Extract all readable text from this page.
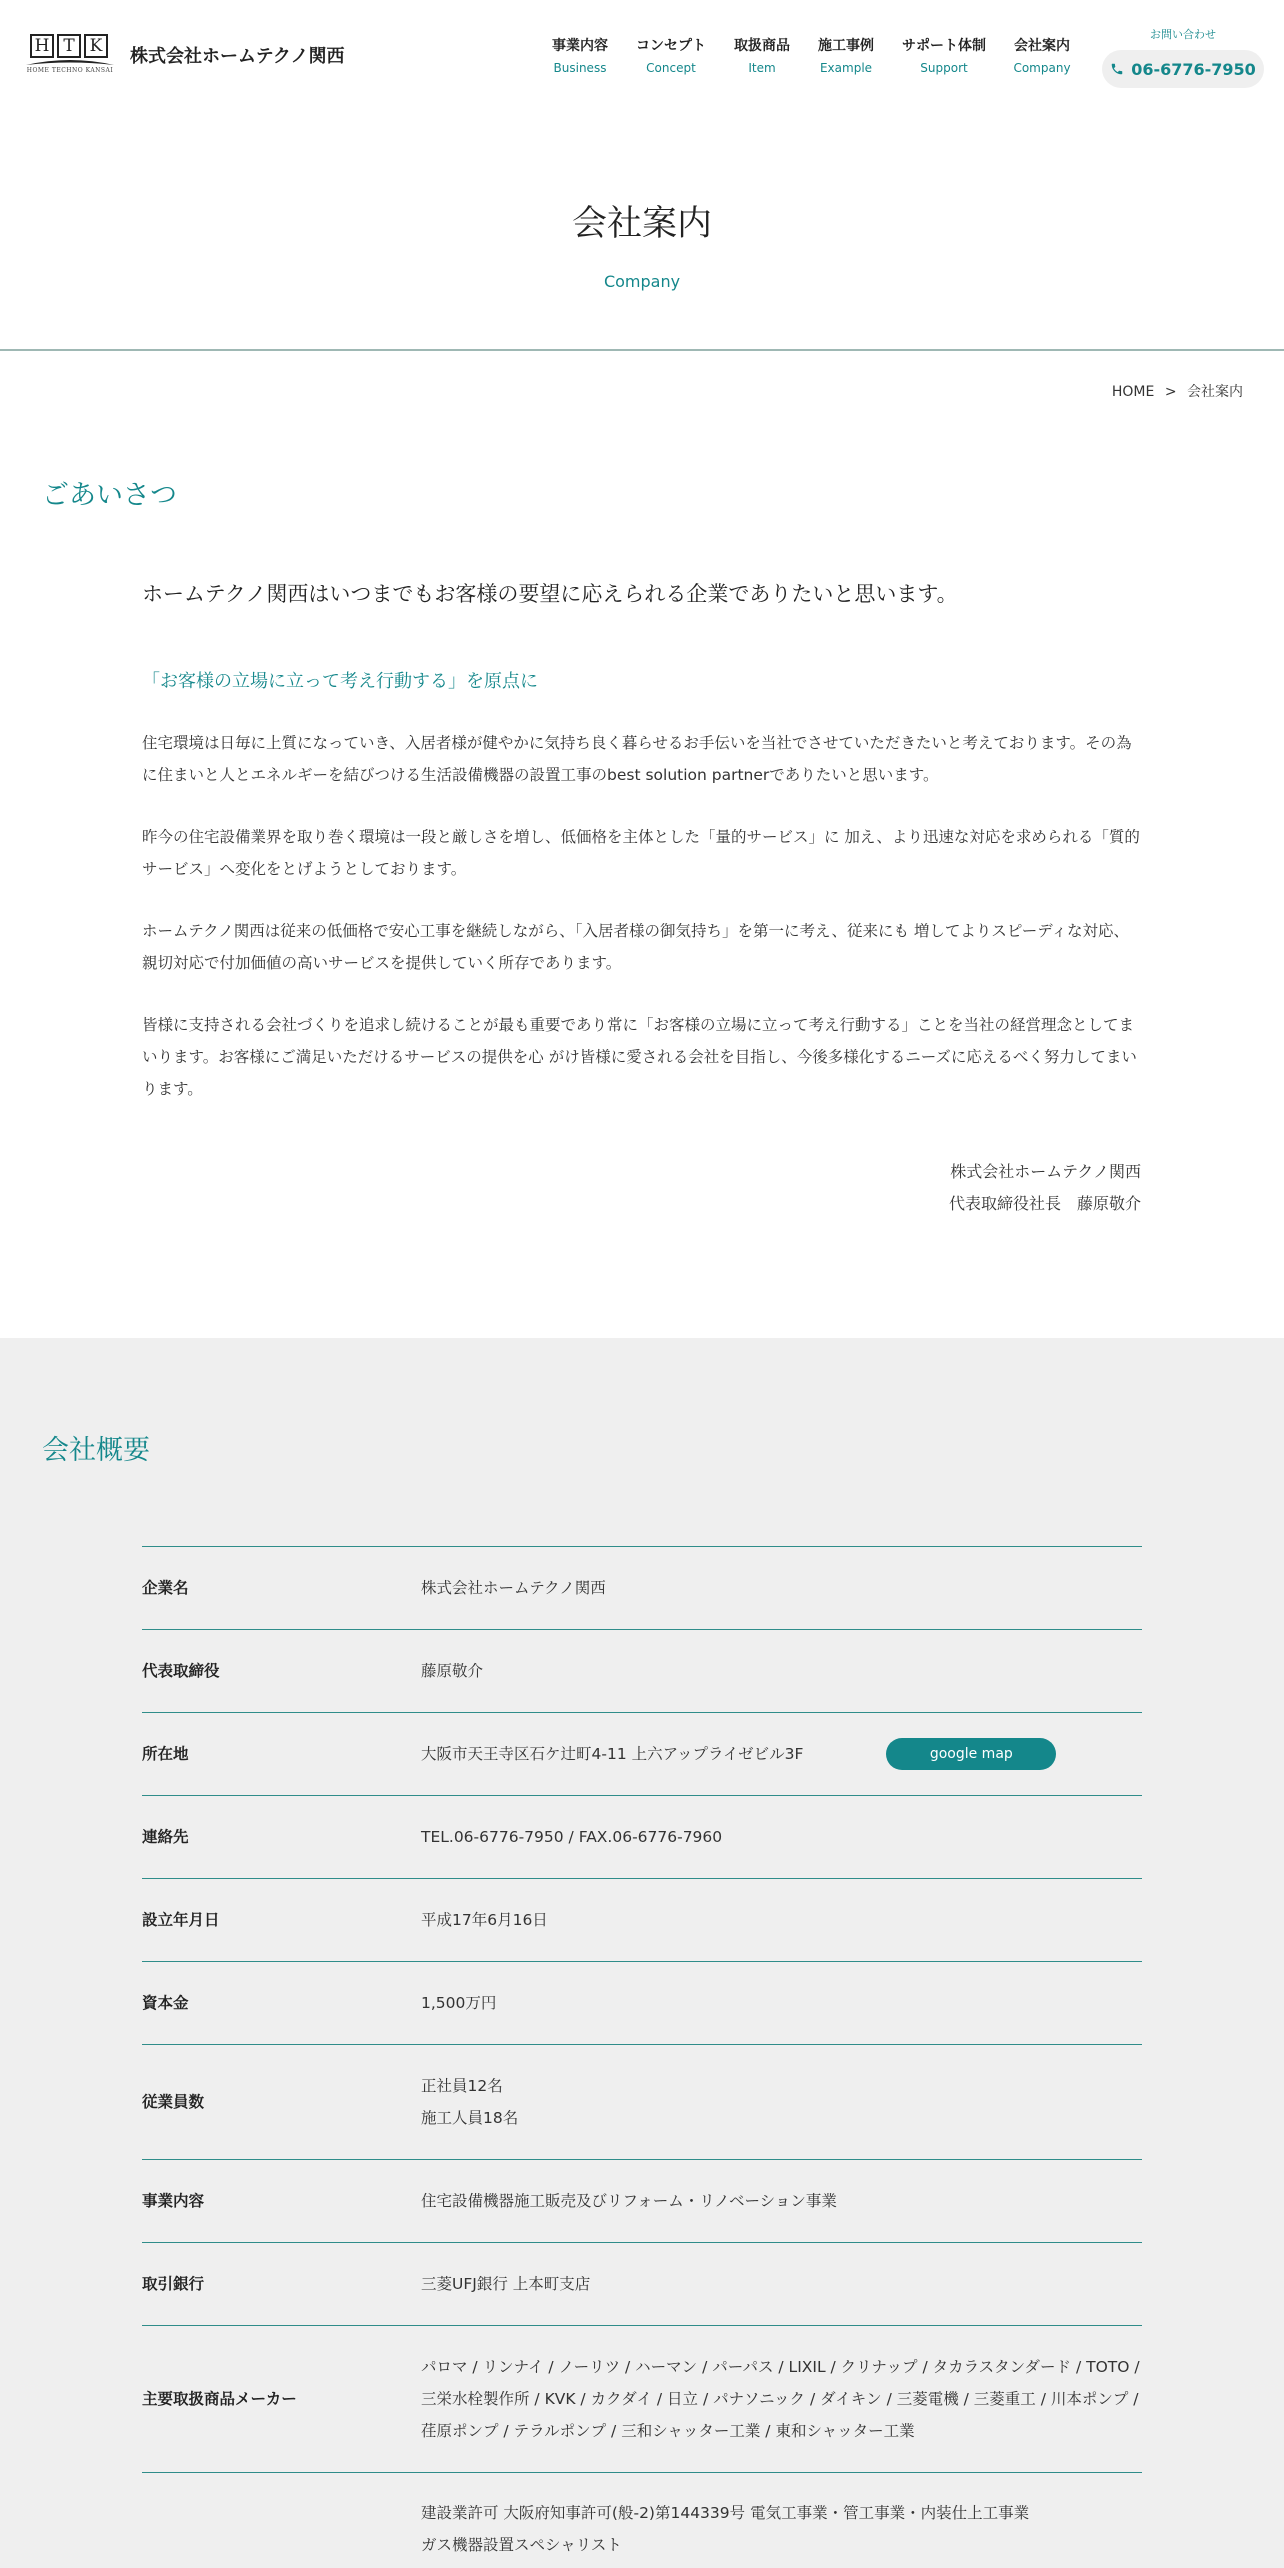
H T K
HOME TECHNO KANSAI
株式会社ホームテクノ関西	事業内容
Business
コンセプト
Concept
取扱商品
Item
施工事例
Example
サポート体制
Support
会社案内
Company
お問い合わせ
06-6776-7950
会社案内
Company
HOME > 会社案内
ごあいさつ

ホームテクノ関西はいつまでもお客様の要望に応えられる企業でありたいと思います。

「お客様の立場に立って考え行動する」を原点に

住宅環境は日毎に上質になっていき、入居者様が健やかに気持ち良く暮らせるお手伝いを当社でさせていただきたいと考えております。その為に住まいと人とエネルギーを結びつける生活設備機器の設置工事のbest solution partnerでありたいと思います。

昨今の住宅設備業界を取り巻く環境は一段と厳しさを増し、低価格を主体とした「量的サービス」に 加え、より迅速な対応を求められる「質的サービス」へ変化をとげようとしております。

ホームテクノ関西は従来の低価格で安心工事を継続しながら、「入居者様の御気持ち」を第一に考え、従来にも 増してよりスピーディな対応、親切対応で付加価値の高いサービスを提供していく所存であります。

皆様に支持される会社づくりを追求し続けることが最も重要であり常に「お客様の立場に立って考え行動する」ことを当社の経営理念としてまいります。お客様にご満足いただけるサービスの提供を心 がけ皆様に愛される会社を目指し、今後多様化するニーズに応えるべく努力してまいります。

株式会社ホームテクノ関西
代表取締役社長　藤原敬介
会社概要
企業名	株式会社ホームテクノ関西
代表取締役	藤原敬介
所在地	大阪市天王寺区石ケ辻町4-11 上六アップライゼビル3F google map
連絡先	TEL.06-6776-7950 / FAX.06-6776-7960
設立年月日	平成17年6月16日
資本金	1,500万円
従業員数	正社員12名
施工人員18名

事業内容	住宅設備機器施工販売及びリフォーム・リノベーション事業
取引銀行	三菱UFJ銀行 上本町支店
主要取扱商品メーカー	パロマ / リンナイ / ノーリツ / ハーマン / パーパス / LIXIL / クリナップ / タカラスタンダード / TOTO / 三栄水栓製作所 / KVK / カクダイ / 日立 / パナソニック / ダイキン / 三菱電機 / 三菱重工 / 川本ポンプ / 荏原ポンプ / テラルポンプ / 三和シャッター工業 / 東和シャッター工業

	建設業許可 大阪府知事許可(般-2)第144339号 電気工事業・管工事業・内装仕上工事業
ガス機器設置スペシャリスト
